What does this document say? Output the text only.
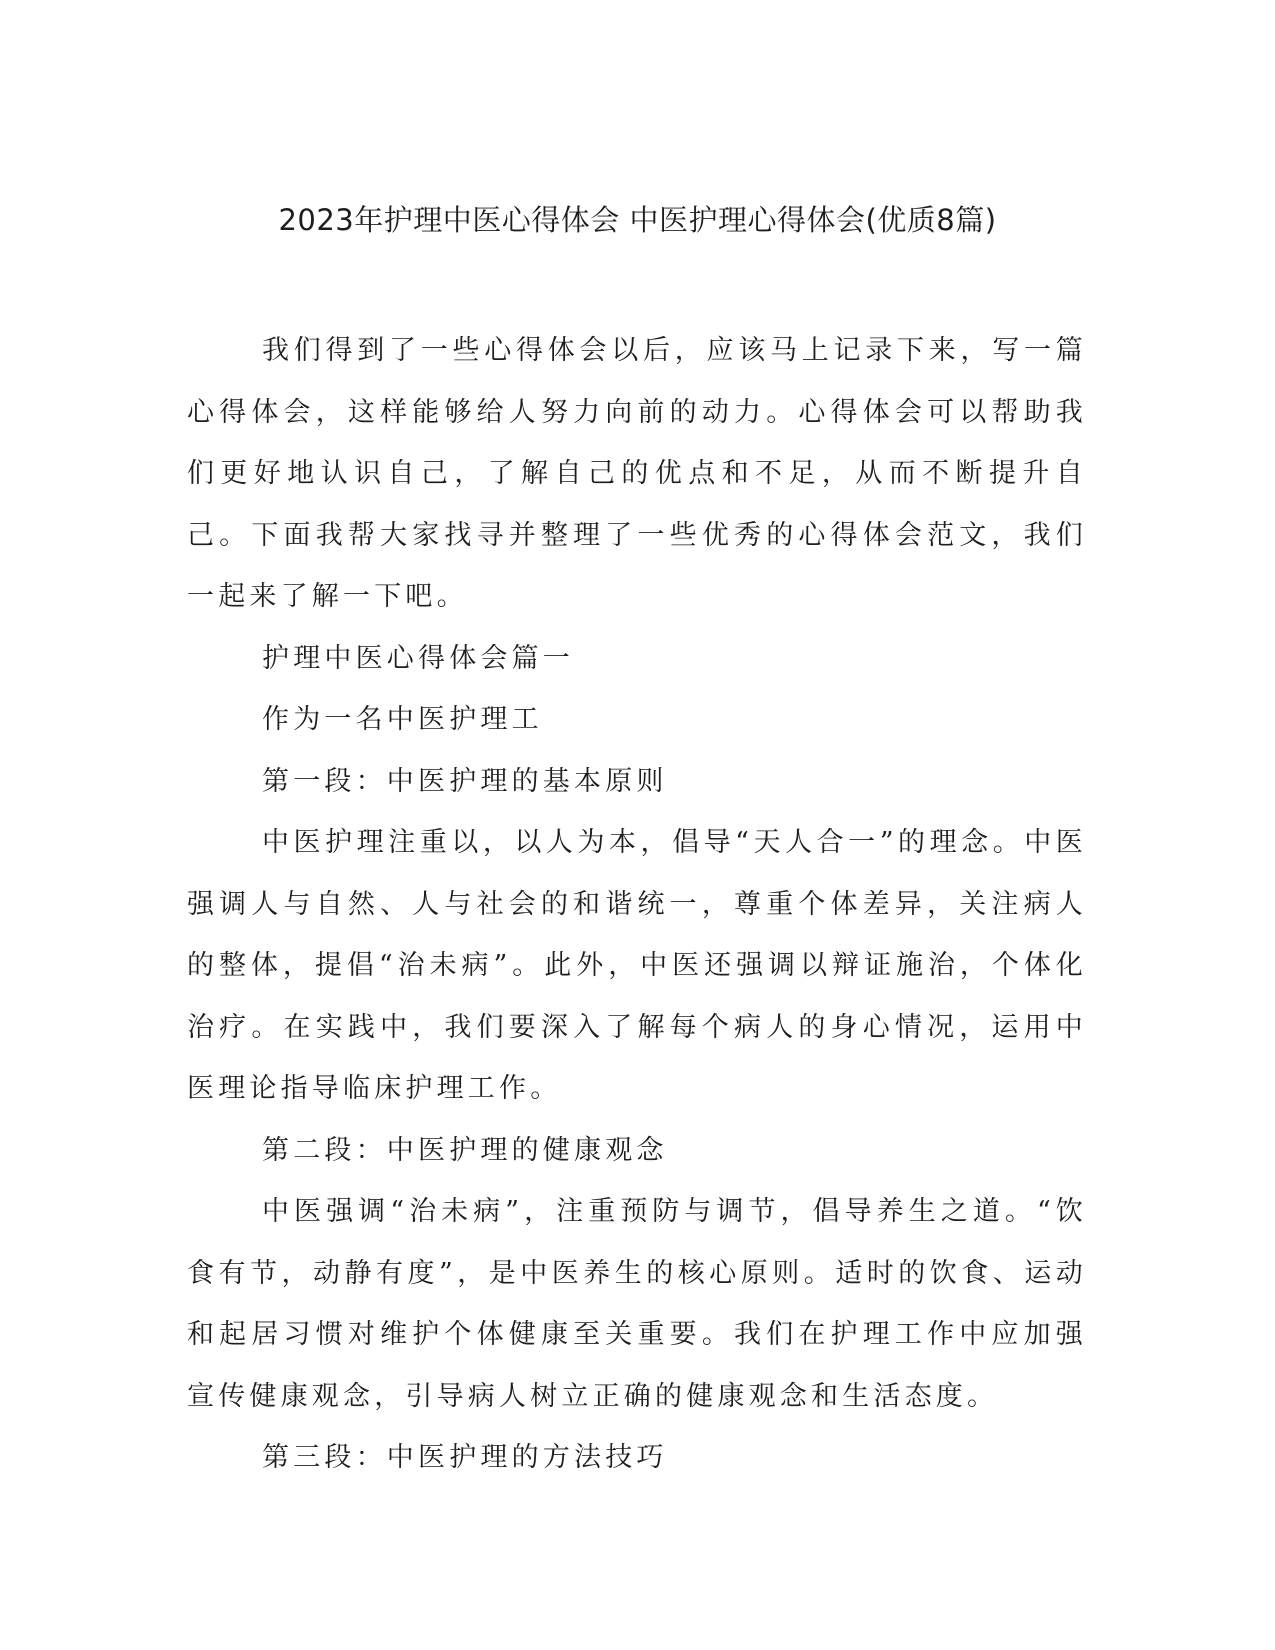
2023年护理中医心得体会 中医护理心得体会(优质8篇)

我们得到了一些心得体会以后，应该马上记录下来，写一篇心得体会，这样能够给人努力向前的动力。心得体会可以帮助我们更好地认识自己，了解自己的优点和不足，从而不断提升自己。下面我帮大家找寻并整理了一些优秀的心得体会范文，我们一起来了解一下吧。

护理中医心得体会篇一

作为一名中医护理工

第一段：中医护理的基本原则

中医护理注重以，以人为本，倡导“天人合一”的理念。中医强调人与自然、人与社会的和谐统一，尊重个体差异，关注病人的整体，提倡“治未病”。此外，中医还强调以辩证施治，个体化治疗。在实践中，我们要深入了解每个病人的身心情况，运用中医理论指导临床护理工作。

第二段：中医护理的健康观念

中医强调“治未病”，注重预防与调节，倡导养生之道。“饮食有节，动静有度”，是中医养生的核心原则。适时的饮食、运动和起居习惯对维护个体健康至关重要。我们在护理工作中应加强宣传健康观念，引导病人树立正确的健康观念和生活态度。

第三段：中医护理的方法技巧
